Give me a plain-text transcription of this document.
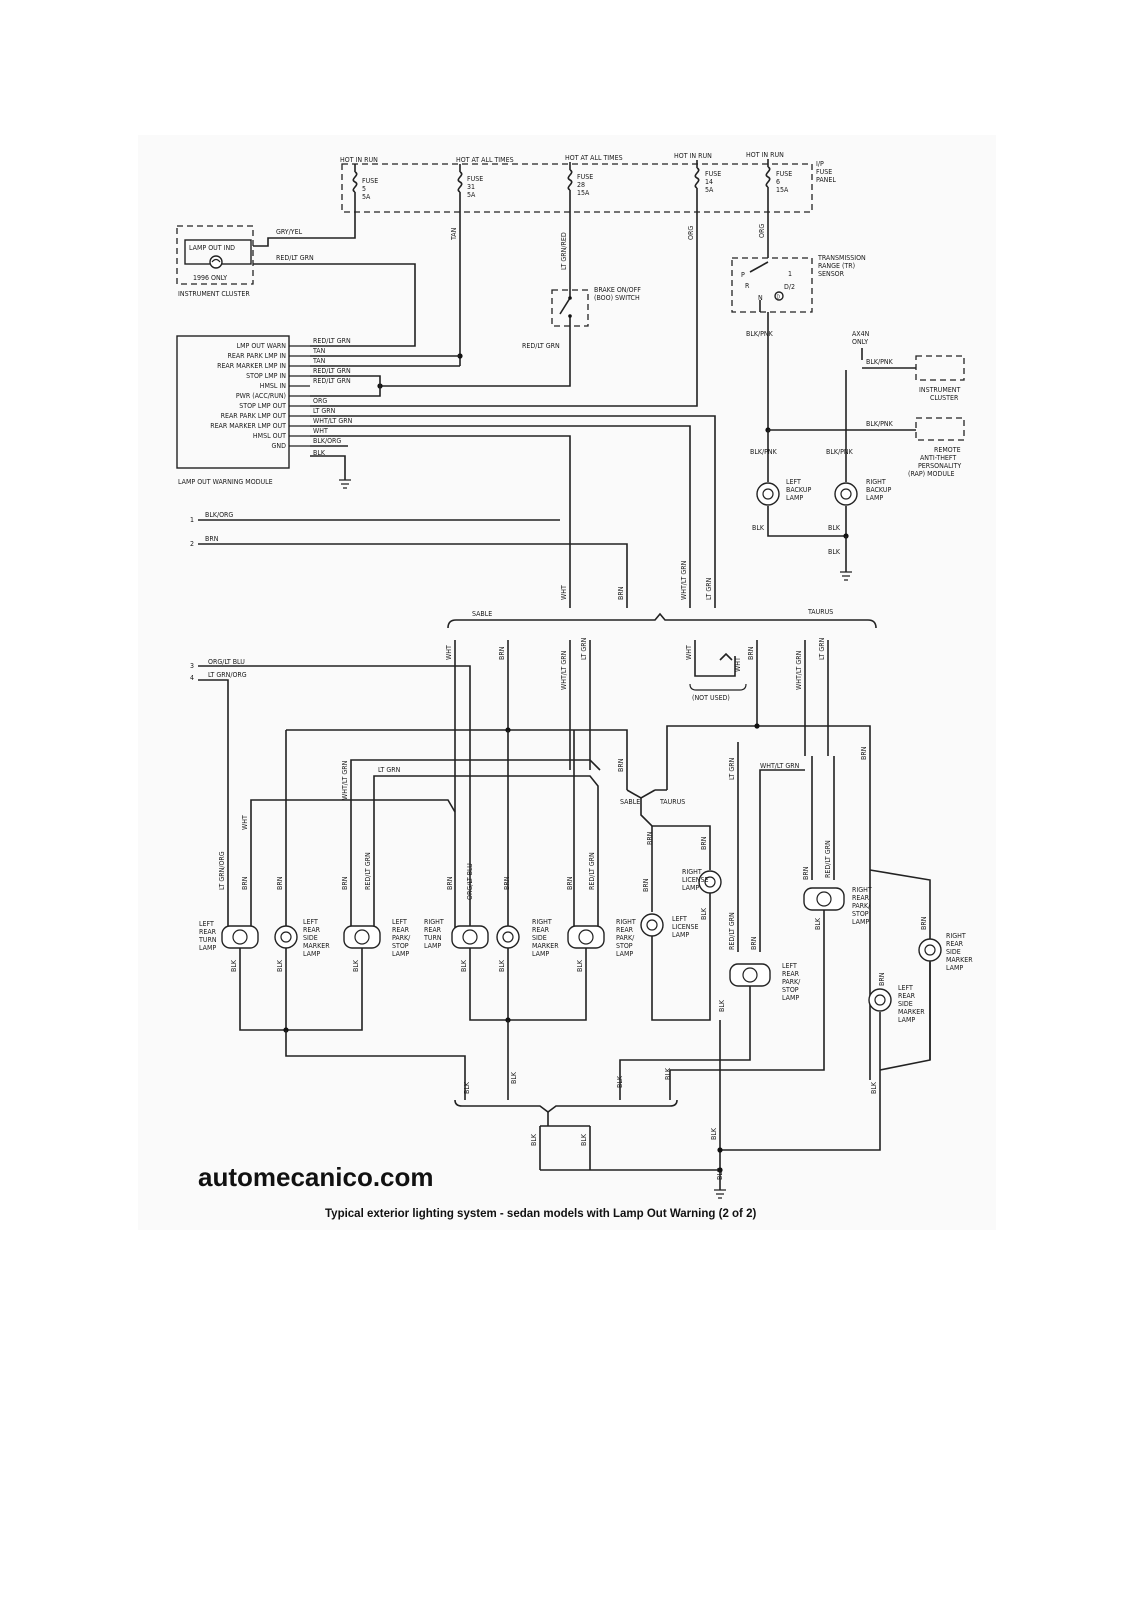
HOT IN RUN	HOT AT ALL TIMES	HOT AT ALL TIMES	HOT IN RUN	HOT IN RUN
I/P
FUSE
PANEL
FUSE
5
5A
FUSE
31
5A
FUSE
28
15A
FUSE
14
5A
FUSE
6
15A
LAMP OUT IND
1996 ONLY
INSTRUMENT CLUSTER
GRY/YEL
RED/LT GRN
TAN	LT GRN/RED
BRAKE ON/OFF
(BOO) SWITCH
RED/LT GRN
ORG
LAMP OUT WARNING MODULE
LMP OUT WARN
REAR PARK LMP IN
REAR MARKER LMP IN
STOP LMP IN
HMSL IN
PWR (ACC/RUN)
STOP LMP OUT
REAR PARK LMP OUT
REAR MARKER LMP OUT
HMSL OUT
GND
RED/LT GRN
TAN
TAN
RED/LT GRN
RED/LT GRN
ORG
LT GRN
WHT/LT GRN
WHT
BLK/ORG
BLK
1
BLK/ORG
2
BRN
WHT	BRN	WHT/LT GRN LT GRN
ORG
P	1
R
N
D/2
D
TRANSMISSION
RANGE (TR)
SENSOR
BLK/PNK	AX4N
ONLY
BLK/PNK
INSTRUMENT
CLUSTER
BLK/PNK
REMOTE
ANTI-THEFT
PERSONALITY
(RAP) MODULE
BLK/PNK	BLK/PNK
LEFT
BACKUP
LAMP
RIGHT
BACKUP
LAMP
BLK	BLK
BLK
SABLE	TAURUS
3 ORG/LT BLU
4 LT GRN/ORG
WHT	BRN	WHT/LT GRN
LT GRN	WHT
WHT
(NOT USED)
BRN	WHT/LT GRN
LT GRN
BRN
BRN
SABLE	TAURUS
BRN	BRN
WHT
WHT/LT GRN	LT GRN
BRN RED/LT GRN
LT GRN/ORG BRN	BRN	BRN ORG/LT BLU	BRN	BRN RED/LT GRN	BRN
LT GRN	WHT/LT GRN
BRN RED/LT GRN
RED/LT GRN BRN
BRN
BRN
LEFT
REAR
TURN
LAMP
LEFT
REAR
SIDE
MARKER
LAMP
LEFT
REAR
PARK/
STOP
LAMP
RIGHT
REAR
TURN
LAMP
RIGHT
REAR
SIDE
MARKER
LAMP
RIGHT
REAR
PARK/
STOP
LAMP
LEFT
LICENSE
LAMP
RIGHT
LICENSE
LAMP	RIGHT
REAR
PARK/
STOP
LAMP
LEFT
REAR
PARK/
STOP
LAMP
RIGHT
REAR
SIDE
MARKER
LAMP
LEFT
REAR
SIDE
MARKER
LAMP
BLK	BLK	BLK	BLK	BLK	BLK
BLK
BLK
BLK
BLK
BLK
BLK	BLK
BLK
BLK	BLK
BLK
BLK
automecanico.com
Typical exterior lighting system - sedan models with Lamp Out Warning (2 of 2)
